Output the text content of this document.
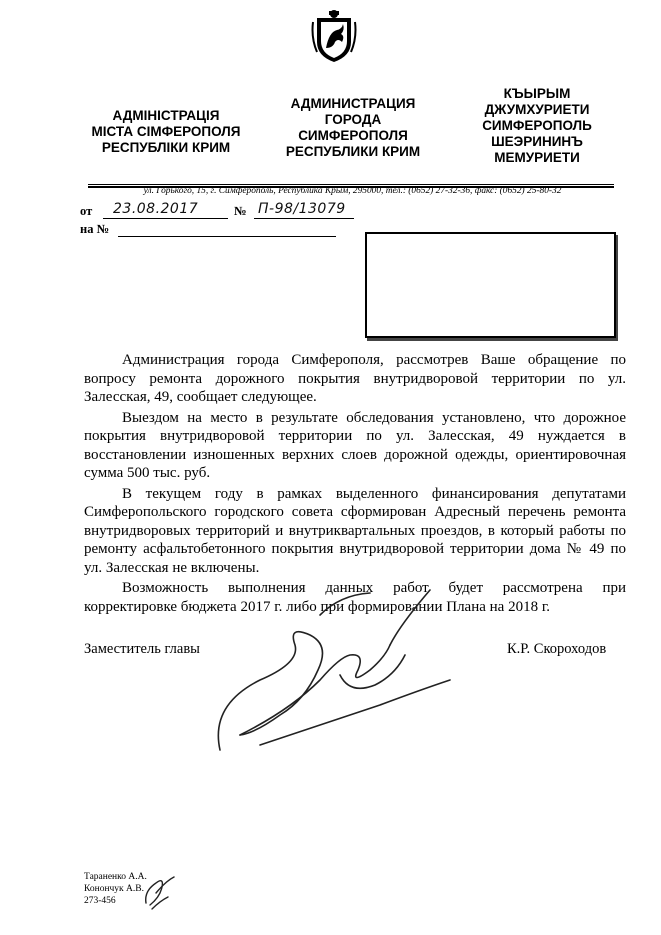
АДМІНІСТРАЦІЯ
МІСТА СІМФЕРОПОЛЯ
РЕСПУБЛІКИ КРИМ
АДМИНИСТРАЦИЯ
ГОРОДА
СИМФЕРОПОЛЯ
РЕСПУБЛИКИ КРИМ
КЪЫРЫМ
ДЖУМХУРИЕТИ
СИМФЕРОПОЛЬ
ШЕЭРИНИНЪ
МЕМУРИЕТИ
ул. Горького, 15, г. Симферополь, Республика Крым, 295000, тел.: (0652) 27-32-36, факс: (0652) 25-80-32
от 23.08.2017	№ П-98/13079
на №

Администрация города Симферополя, рассмотрев Ваше обращение по вопросу ремонта дорожного покрытия внутридворовой территории по ул. Залесская, 49, сообщает следующее.

Выездом на место в результате обследования установлено, что дорожное покрытия внутридворовой территории по ул. Залесская, 49 нуждается в восстановлении изношенных верхних слоев дорожной одежды, ориентировочная сумма 500 тыс. руб.

В текущем году в рамках выделенного финансирования депутатами Симферопольского городского совета сформирован Адресный перечень ремонта внутридворовых территорий и внутриквартальных проездов, в который работы по ремонту асфальтобетонного покрытия внутридворовой территории дома № 49 по ул. Залесская не включены.

Возможность выполнения данных работ будет рассмотрена при корректировке бюджета 2017 г. либо при формировании Плана на 2018 г.

Заместитель главы	К.Р. Скороходов
Тараненко А.А.
Конончук А.В.
273-456
